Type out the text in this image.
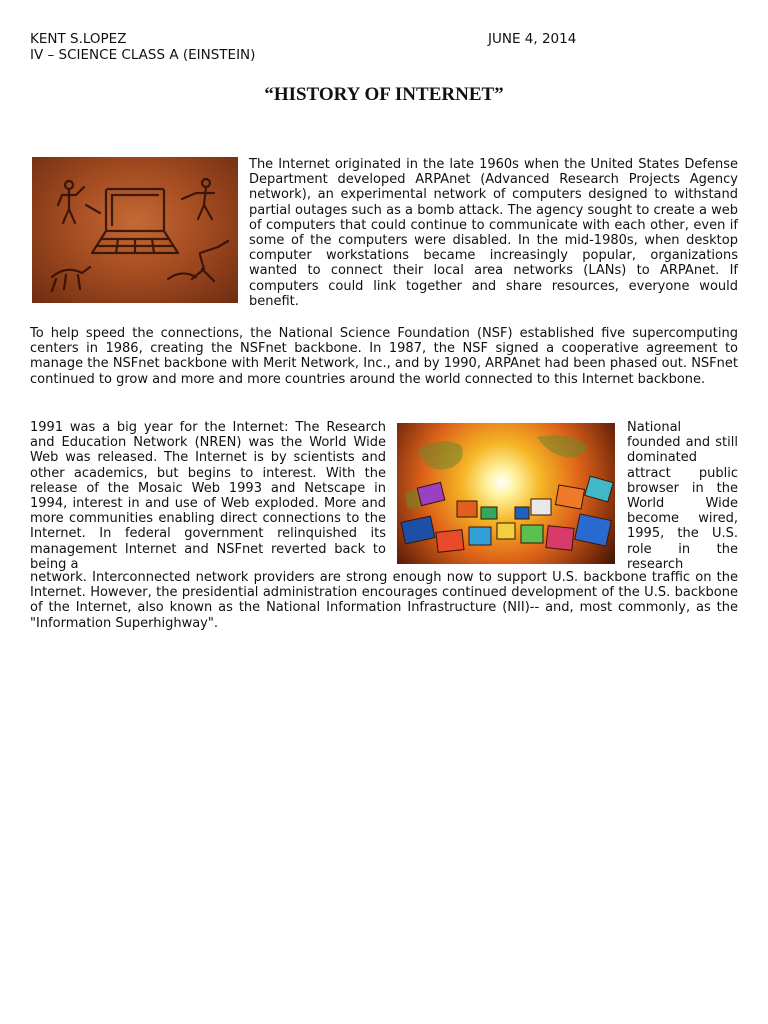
KENT S.LOPEZ
IV – SCIENCE CLASS A (EINSTEIN)
JUNE 4, 2014
“HISTORY OF INTERNET”

The Internet originated in the late 1960s when the United States Defense Department developed ARPAnet (Advanced Research Projects Agency network), an experimental network of computers designed to withstand partial outages such as a bomb attack. The agency sought to create a web of computers that could continue to communicate with each other, even if some of the computers were disabled. In the mid-1980s, when desktop computer workstations became increasingly popular, organizations wanted to connect their local area networks (LANs) to ARPAnet. If computers could link together and share resources, everyone would benefit.

To help speed the connections, the National Science Foundation (NSF) established five supercomputing centers in 1986, creating the NSFnet backbone. In 1987, the NSF signed a cooperative agreement to manage the NSFnet backbone with Merit Network, Inc., and by 1990, ARPAnet had been phased out. NSFnet continued to grow and more and more countries around the world connected to this Internet backbone.

1991 was a big year for the Internet: The Research and Education Network (NREN) was the World Wide Web was released. The Internet is by scientists and other academics, but begins to interest. With the release of the Mosaic Web 1993 and Netscape in 1994, interest in and use of Web exploded. More and more communities enabling direct connections to the Internet. In federal government relinquished its management Internet and NSFnet reverted back to being a

National founded and still dominated attract public browser in the World Wide become wired, 1995, the U.S. role in the research

network. Interconnected network providers are strong enough now to support U.S. backbone traffic on the Internet. However, the presidential administration encourages continued development of the U.S. backbone of the Internet, also known as the National Information Infrastructure (NII)-- and, most commonly, as the "Information Superhighway".
